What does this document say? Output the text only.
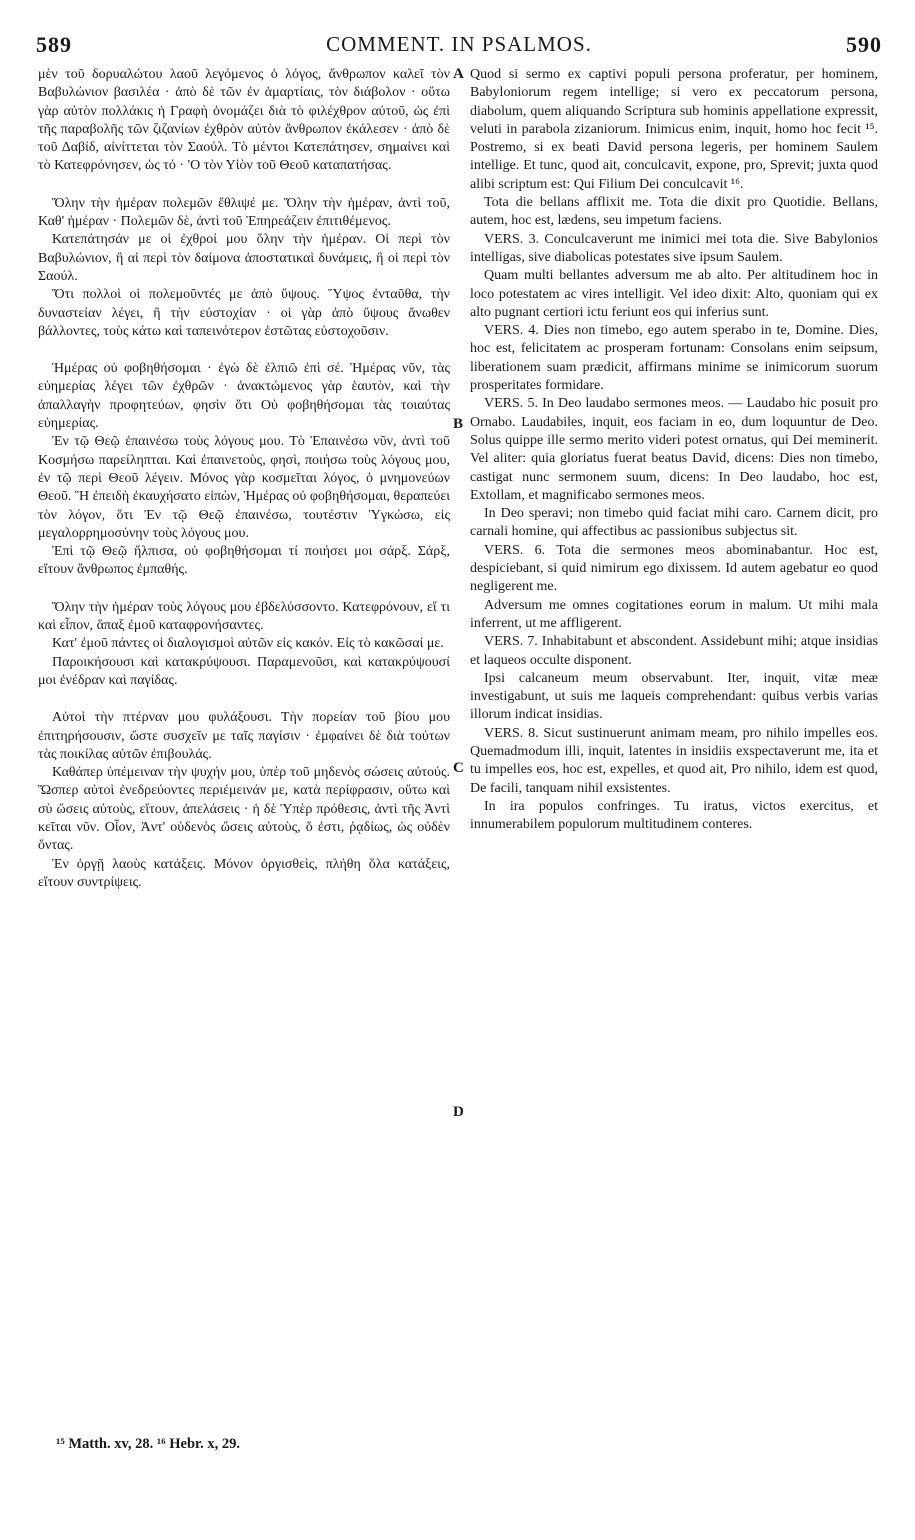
589	COMMENT. IN PSALMOS.	590

μὲν τοῦ δορυαλώτου λαοῦ λεγόμενος ὁ λόγος, ἄνθρωπον καλεῖ τὸν Βαβυλώνιον βασιλέα · ἀπὸ δὲ τῶν ἐν ἁμαρτίαις, τὸν διάβολον · οὕτω γὰρ αὐτὸν πολλάκις ἡ Γραφὴ ὀνομάζει διὰ τὸ φιλέχθρον αὐτοῦ, ὡς ἐπὶ τῆς παραβολῆς τῶν ζιζανίων ἐχθρὸν αὐτὸν ἄνθρωπον ἐκάλεσεν · ἀπὸ δὲ τοῦ Δαβίδ, αἰνίττεται τὸν Σαούλ. Τὸ μέντοι Κατεπάτησεν, σημαίνει καὶ τὸ Κατεφρόνησεν, ὡς τό · 'Ο τὸν Υἱὸν τοῦ Θεοῦ καταπατήσας.

Ὅλην τὴν ἡμέραν πολεμῶν ἔθλιψέ με. Ὅλην τὴν ἡμέραν, ἀντὶ τοῦ, Καθ' ἡμέραν · Πολεμῶν δὲ, ἀντὶ τοῦ Ἐπηρεάζειν ἐπιτιθέμενος.

Κατεπάτησάν με οἱ ἐχθροί μου ὅλην τὴν ἡμέραν. Οἱ περὶ τὸν Βαβυλώνιον, ἢ αἱ περὶ τὸν δαίμονα ἀποστατικαὶ δυνάμεις, ἢ οἱ περὶ τὸν Σαούλ.

Ὅτι πολλοὶ οἱ πολεμοῦντές με ἀπὸ ὕψους. Ὕψος ἐνταῦθα, τὴν δυναστείαν λέγει, ἢ τὴν εὐστοχίαν · οἱ γὰρ ἀπὸ ὕψους ἄνωθεν βάλλοντες, τοὺς κάτω καὶ ταπεινότερον ἑστῶτας εὐστοχοῦσιν.

Ἡμέρας οὐ φοβηθήσομαι · ἐγὼ δὲ ἐλπιῶ ἐπὶ σέ. Ἡμέρας νῦν, τὰς εὐημερίας λέγει τῶν ἐχθρῶν · ἀνακτώμενος γὰρ ἑαυτὸν, καὶ τὴν ἀπαλλαγὴν προφητεύων, φησὶν ὅτι Οὐ φοβηθήσομαι τὰς τοιαύτας εὐημερίας.

Ἐν τῷ Θεῷ ἐπαινέσω τοὺς λόγους μου. Τὸ Ἐπαινέσω νῦν, ἀντὶ τοῦ Κοσμήσω παρείληπται. Καὶ ἐπαινετοὺς, φησὶ, ποιήσω τοὺς λόγους μου, ἐν τῷ περὶ Θεοῦ λέγειν. Μόνος γὰρ κοσμεῖται λόγος, ὁ μνημονεύων Θεοῦ. Ἢ ἐπειδὴ ἐκαυχήσατο εἰπὼν, Ἡμέρας οὐ φοβηθήσομαι, θεραπεύει τὸν λόγον, ὅτι Ἐν τῷ Θεῷ ἐπαινέσω, τουτέστιν Ὑγκώσω, εἰς μεγαλορρημοσύνην τοὺς λόγους μου.

Ἐπὶ τῷ Θεῷ ἤλπισα, οὐ φοβηθήσομαι τί ποιήσει μοι σάρξ. Σάρξ, εἴτουν ἄνθρωπος ἐμπαθής.

Ὅλην τὴν ἡμέραν τοὺς λόγους μου ἐβδελύσσοντο. Κατεφρόνουν, εἴ τι καὶ εἶπον, ἅπαξ ἐμοῦ καταφρονήσαντες.

Κατ' ἐμοῦ πάντες οἱ διαλογισμοὶ αὐτῶν εἰς κακόν. Εἰς τὸ κακῶσαί με.

Παροικήσουσι καὶ κατακρύψουσι. Παραμενοῦσι, καὶ κατακρύψουσί μοι ἐνέδραν καὶ παγίδας.

Αὐτοὶ τὴν πτέρναν μου φυλάξουσι. Τὴν πορείαν τοῦ βίου μου ἐπιτηρήσουσιν, ὥστε συσχεῖν με ταῖς παγίσιν · ἐμφαίνει δὲ διὰ τούτων τὰς ποικίλας αὐτῶν ἐπιβουλάς.

Καθάπερ ὑπέμειναν τὴν ψυχήν μου, ὑπὲρ τοῦ μηδενὸς σώσεις αὐτούς. Ὥσπερ αὐτοὶ ἐνεδρεύοντες περιέμεινάν με, κατὰ περίφρασιν, οὕτω καὶ σὺ ὤσεις αὐτοὺς, εἴτουν, ἀπελάσεις · ἡ δὲ Ὑπὲρ πρόθεσις, ἀντὶ τῆς Ἀντὶ κεῖται νῦν. Οἷον, Ἀντ' οὐδενὸς ὤσεις αὐτοὺς, ὅ ἐστι, ῥᾳδίως, ὡς οὐδὲν ὄντας.

Ἐν ὀργῇ λαοὺς κατάξεις. Μόνον ὀργισθεὶς, πλήθη ὅλα κατάξεις, εἴτουν συντρίψεις.

A
B
C
D

Quod si sermo ex captivi populi persona proferatur, per hominem, Babyloniorum regem intellige; si vero ex peccatorum persona, diabolum, quem aliquando Scriptura sub hominis appellatione expressit, veluti in parabola zizaniorum. Inimicus enim, inquit, homo hoc fecit ¹⁵. Postremo, si ex beati David persona legeris, per hominem Saulem intellige. Et tunc, quod ait, conculcavit, expone, pro, Sprevit; juxta quod alibi scriptum est: Qui Filium Dei conculcavit ¹⁶.

Tota die bellans afflixit me. Tota die dixit pro Quotidie. Bellans, autem, hoc est, lædens, seu impetum faciens.

VERS. 3. Conculcaverunt me inimici mei tota die. Sive Babylonios intelligas, sive diabolicas potestates sive ipsum Saulem.

Quam multi bellantes adversum me ab alto. Per altitudinem hoc in loco potestatem ac vires intelligit. Vel ideo dixit: Alto, quoniam qui ex alto pugnant certiori ictu feriunt eos qui inferius sunt.

VERS. 4. Dies non timebo, ego autem sperabo in te, Domine. Dies, hoc est, felicitatem ac prosperam fortunam: Consolans enim seipsum, liberationem suam prædicit, affirmans minime se inimicorum suorum prosperitates formidare.

VERS. 5. In Deo laudabo sermones meos. — Laudabo hic posuit pro Ornabo. Laudabiles, inquit, eos faciam in eo, dum loquuntur de Deo. Solus quippe ille sermo merito videri potest ornatus, qui Dei meminerit. Vel aliter: quia gloriatus fuerat beatus David, dicens: Dies non timebo, castigat nunc sermonem suum, dicens: In Deo laudabo, hoc est, Extollam, et magnificabo sermones meos.

In Deo speravi; non timebo quid faciat mihi caro. Carnem dicit, pro carnali homine, qui affectibus ac passionibus subjectus sit.

VERS. 6. Tota die sermones meos abominabantur. Hoc est, despiciebant, si quid nimirum ego dixissem. Id autem agebatur eo quod negligerent me.

Adversum me omnes cogitationes eorum in malum. Ut mihi mala inferrent, ut me affligerent.

VERS. 7. Inhabitabunt et abscondent. Assidebunt mihi; atque insidias et laqueos occulte disponent.

Ipsi calcaneum meum observabunt. Iter, inquit, vitæ meæ investigabunt, ut suis me laqueis comprehendant: quibus verbis varias illorum indicat insidias.

VERS. 8. Sicut sustinuerunt animam meam, pro nihilo impelles eos. Quemadmodum illi, inquit, latentes in insidiis exspectaverunt me, ita et tu impelles eos, hoc est, expelles, et quod ait, Pro nihilo, idem est quod, De facili, tanquam nihil exsistentes.

In ira populos confringes. Tu iratus, victos exercitus, et innumerabilem populorum multitudinem conteres.

¹⁵ Matth. xv, 28. ¹⁶ Hebr. x, 29.
